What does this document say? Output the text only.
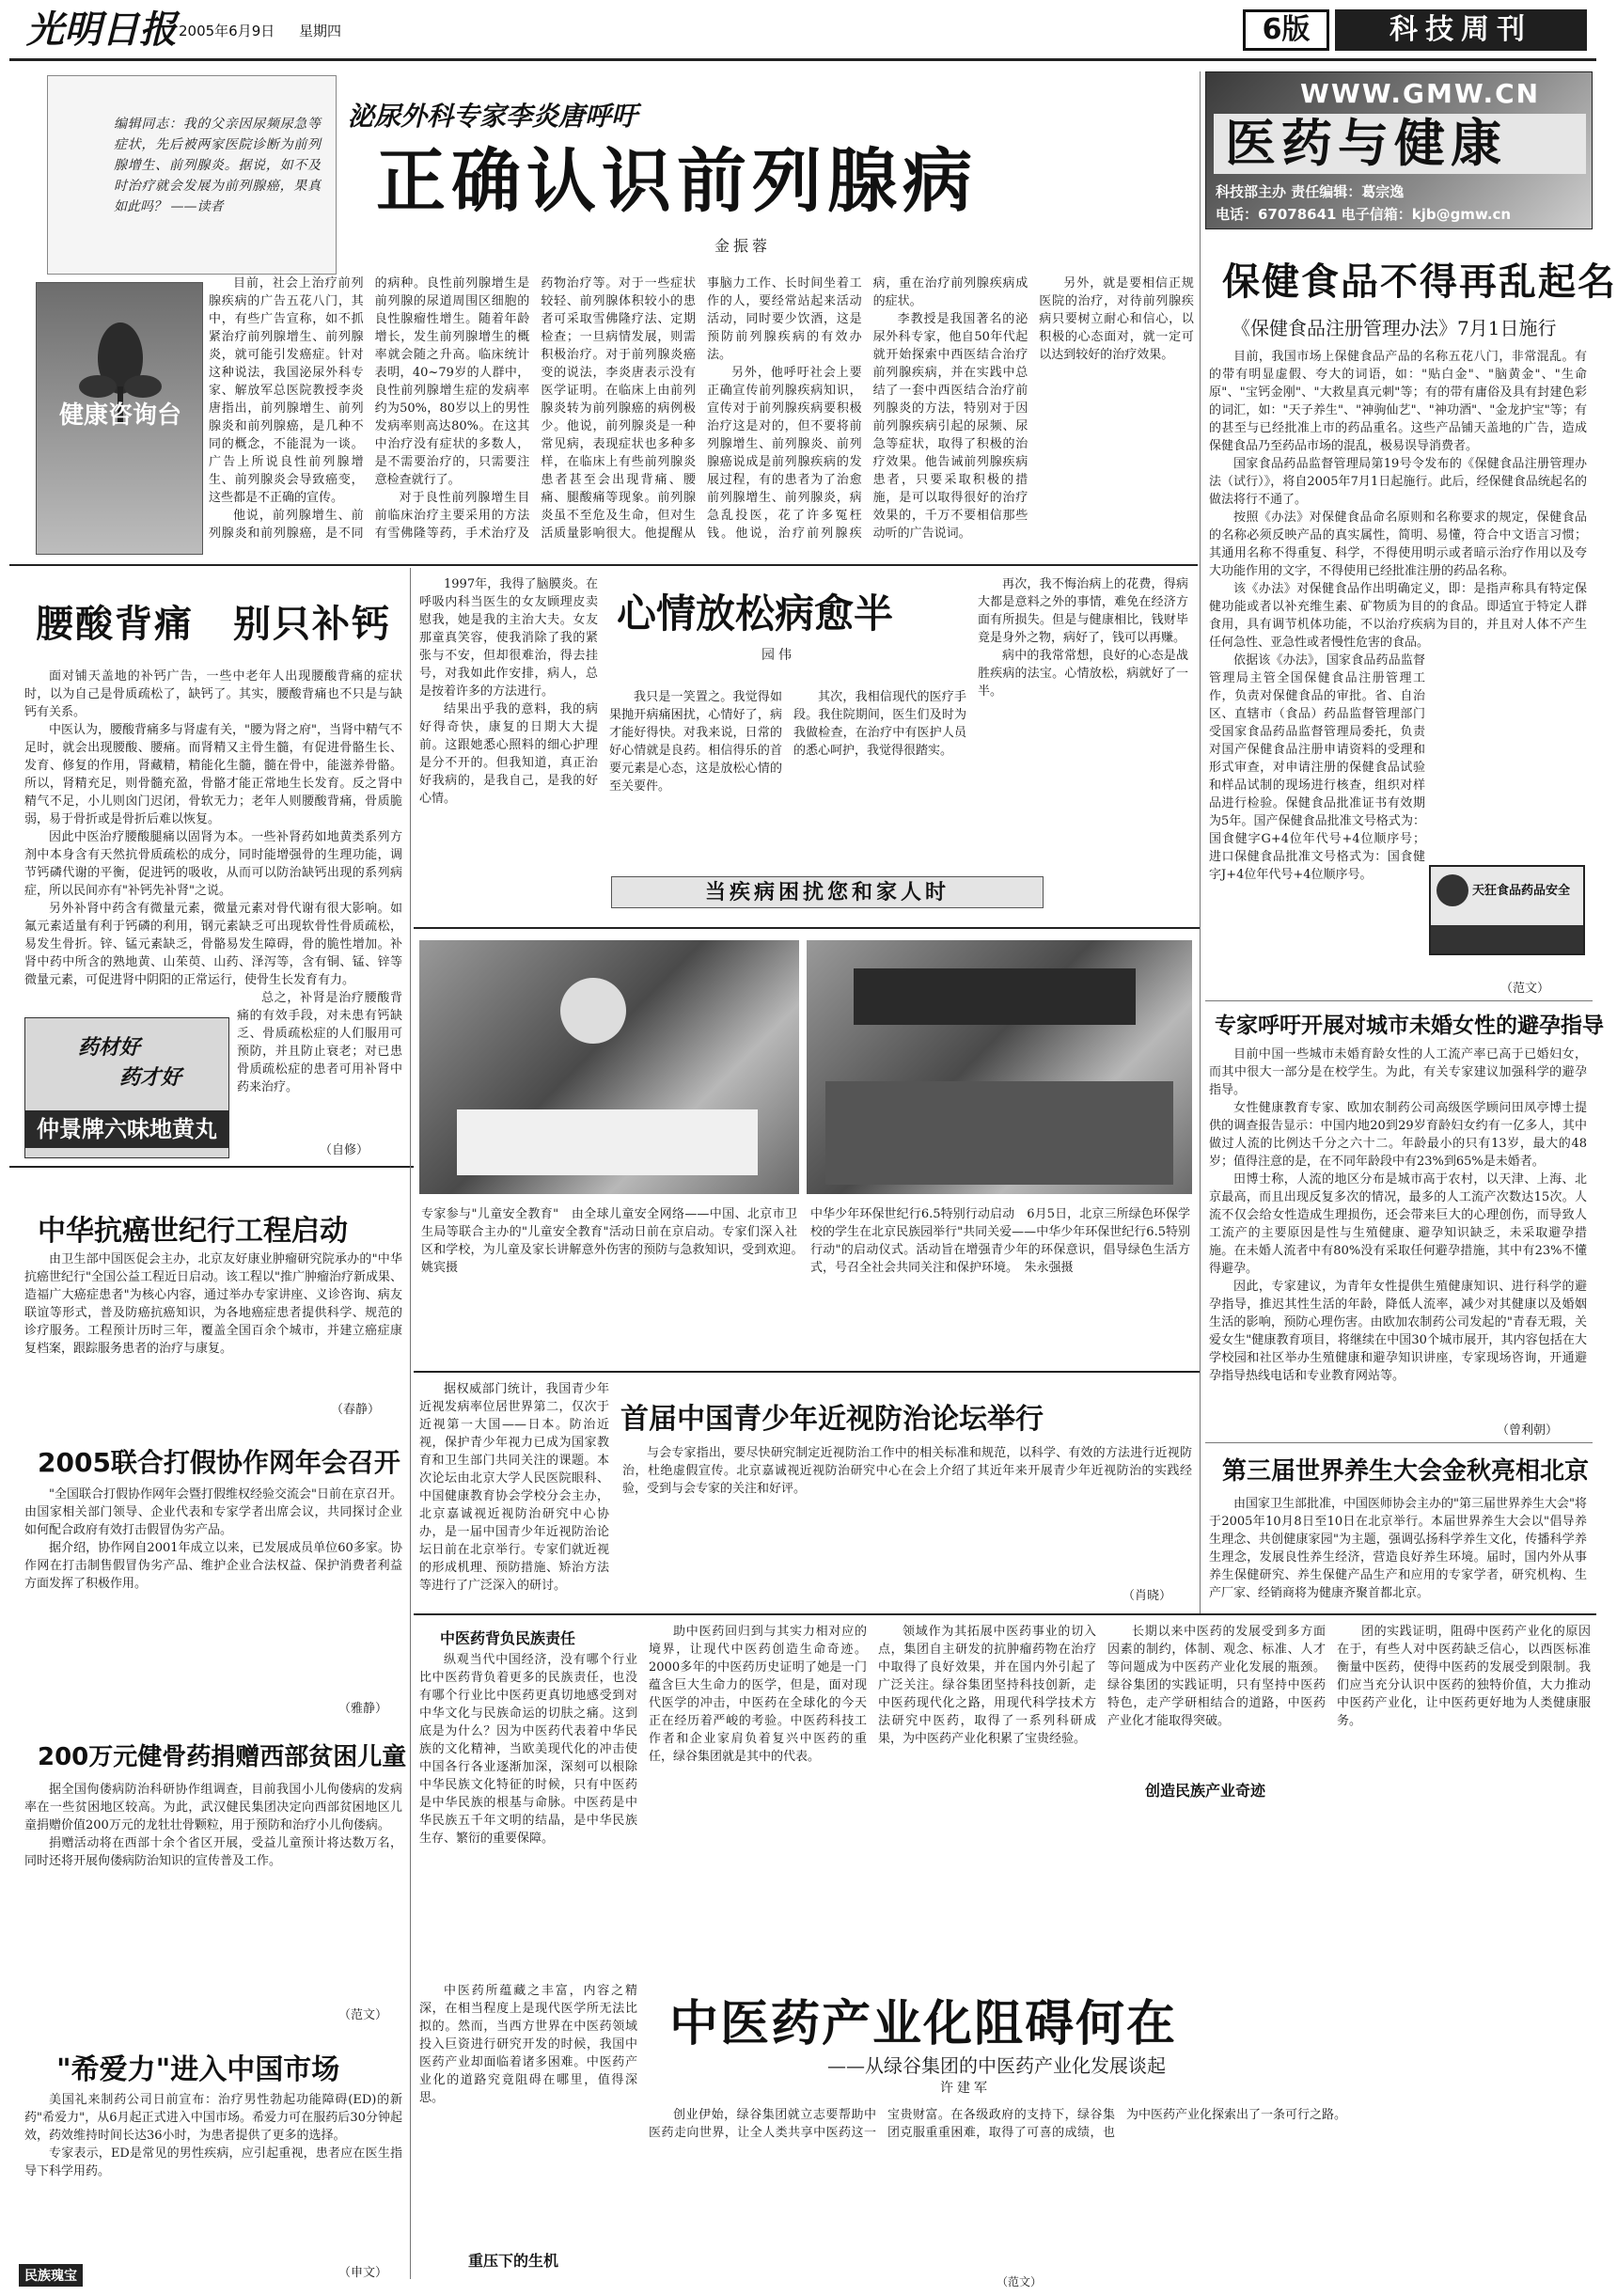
光明日报 2005年6月9日 星期四	6版	科技周刊

编辑同志：我的父亲因尿频尿急等症状，先后被两家医院诊断为前列腺增生、前列腺炎。据说，如不及时治疗就会发展为前列腺癌，果真如此吗？ ——读者

泌尿外科专家李炎唐呼吁
正确认识前列腺病
金振蓉
健康咨询台

目前，社会上治疗前列腺疾病的广告五花八门，其中，有些广告宣称，如不抓紧治疗前列腺增生、前列腺炎，就可能引发癌症。针对这种说法，我国泌尿外科专家、解放军总医院教授李炎唐指出，前列腺增生、前列腺炎和前列腺癌，是几种不同的概念，不能混为一谈。广告上所说良性前列腺增生、前列腺炎会导致癌变，这些都是不正确的宣传。

他说，前列腺增生、前列腺炎和前列腺癌，是不同的病种。良性前列腺增生是前列腺的尿道周围区细胞的良性腺瘤性增生。随着年龄增长，发生前列腺增生的概率就会随之升高。临床统计表明，40~79岁的人群中，良性前列腺增生症的发病率约为50%，80岁以上的男性发病率则高达80%。在这其中治疗没有症状的多数人，是不需要治疗的，只需要注意检查就行了。

对于良性前列腺增生目前临床治疗主要采用的方法有雪佛隆等药，手术治疗及药物治疗等。对于一些症状较轻、前列腺体积较小的患者可采取雪佛隆疗法、定期检查；一旦病情发展，则需积极治疗。对于前列腺炎癌变的说法，李炎唐表示没有医学证明。在临床上由前列腺炎转为前列腺癌的病例极少。他说，前列腺炎是一种常见病，表现症状也多种多样，在临床上有些前列腺炎患者甚至会出现背痛、腰痛、腿酸痛等现象。前列腺炎虽不至危及生命，但对生活质量影响很大。他提醒从事脑力工作、长时间坐着工作的人，要经常站起来活动活动，同时要少饮酒，这是预防前列腺疾病的有效办法。

另外，他呼吁社会上要正确宣传前列腺疾病知识，宣传对于前列腺疾病要积极治疗这是对的，但不要将前列腺增生、前列腺炎、前列腺癌说成是前列腺疾病的发展过程，有的患者为了治愈前列腺增生、前列腺炎，病急乱投医，花了许多冤枉钱。他说，治疗前列腺疾病，重在治疗前列腺疾病成的症状。

李教授是我国著名的泌尿外科专家，他自50年代起就开始探索中西医结合治疗前列腺疾病，并在实践中总结了一套中西医结合治疗前列腺炎的方法，特别对于因前列腺疾病引起的尿频、尿急等症状，取得了积极的治疗效果。他告诫前列腺疾病患者，只要采取积极的措施，是可以取得很好的治疗效果的，千万不要相信那些动听的广告说词。

另外，就是要相信正规医院的治疗，对待前列腺疾病只要树立耐心和信心，以积极的心态面对，就一定可以达到较好的治疗效果。

WWW.GMW.CN
医药与健康
科技部主办 责任编辑：葛宗逸
电话：67078641 电子信箱：kjb@gmw.cn
保健食品不得再乱起名
《保健食品注册管理办法》7月1日施行

目前，我国市场上保健食品产品的名称五花八门，非常混乱。有的带有明显虚假、夸大的词语，如："贴白金"、"脑黄金"、"生命原"、"宝钙金刚"、"大救星真元刺"等；有的带有庸俗及具有封建色彩的词汇，如："天子养生"、"神驹仙艺"、"神功酒"、"金龙护宝"等；有的甚至与已经批准上市的药品重名。这些产品铺天盖地的广告，造成保健食品乃至药品市场的混乱，极易误导消费者。

国家食品药品监督管理局第19号令发布的《保健食品注册管理办法（试行）》，将自2005年7月1日起施行。此后，经保健食品统起名的做法将行不通了。

按照《办法》对保健食品命名原则和名称要求的规定，保健食品的名称必须反映产品的真实属性，简明、易懂，符合中文语言习惯；其通用名称不得重复、科学，不得使用明示或者暗示治疗作用以及夸大功能作用的文字，不得使用已经批准注册的药品名称。

该《办法》对保健食品作出明确定义，即：是指声称具有特定保健功能或者以补充维生素、矿物质为目的的食品。即适宜于特定人群食用，具有调节机体功能，不以治疗疾病为目的，并且对人体不产生任何急性、亚急性或者慢性危害的食品。

依据该《办法》，国家食品药品监督管理局主管全国保健食品注册管理工作，负责对保健食品的审批。省、自治区、直辖市（食品）药品监督管理部门受国家食品药品监督管理局委托，负责对国产保健食品注册申请资料的受理和形式审查，对申请注册的保健食品试验和样品试制的现场进行核查，组织对样品进行检验。保健食品批准证书有效期为5年。国产保健食品批准文号格式为：国食健字G+4位年代号+4位顺序号；进口保健食品批准文号格式为：国食健字J+4位年代号+4位顺序号。

天狂食品药品安全
（范文）
专家呼吁开展对城市未婚女性的避孕指导

目前中国一些城市未婚育龄女性的人工流产率已高于已婚妇女，而其中很大一部分是在校学生。为此，有关专家建议加强科学的避孕指导。

女性健康教育专家、欧加农制药公司高级医学顾问田凤亭博士提供的调查报告显示：中国内地20到29岁育龄妇女约有一亿多人，其中做过人流的比例达千分之六十二。年龄最小的只有13岁，最大的48岁；值得注意的是，在不同年龄段中有23%到65%是未婚者。

田博士称，人流的地区分布是城市高于农村，以天津、上海、北京最高，而且出现反复多次的情况，最多的人工流产次数达15次。人流不仅会给女性造成生理损伤，还会带来巨大的心理创伤，而导致人工流产的主要原因是性与生殖健康、避孕知识缺乏，未采取避孕措施。在未婚人流者中有80%没有采取任何避孕措施，其中有23%不懂得避孕。

因此，专家建议，为青年女性提供生殖健康知识、进行科学的避孕指导，推迟其性生活的年龄，降低人流率，减少对其健康以及婚姻生活的影响，预防心理伤害。由欧加农制药公司发起的"青春无瑕，关爱女生"健康教育项目，将继续在中国30个城市展开，其内容包括在大学校园和社区举办生殖健康和避孕知识讲座，专家现场咨询，开通避孕指导热线电话和专业教育网站等。

（曾利朝）
第三届世界养生大会金秋亮相北京

由国家卫生部批准，中国医师协会主办的"第三届世界养生大会"将于2005年10月8日至10日在北京举行。本届世界养生大会以"倡导养生理念、共创健康家园"为主题，强调弘扬科学养生文化，传播科学养生理念，发展良性养生经济，营造良好养生环境。届时，国内外从事养生保健研究、养生保健产品生产和应用的专家学者，研究机构、生产厂家、经销商将为健康齐聚首都北京。

腰酸背痛　别只补钙

面对铺天盖地的补钙广告，一些中老年人出现腰酸背痛的症状时，以为自己是骨质疏松了，缺钙了。其实，腰酸背痛也不只是与缺钙有关系。

中医认为，腰酸背痛多与肾虚有关，"腰为肾之府"，当肾中精气不足时，就会出现腰酸、腰痛。而肾精又主骨生髓，有促进骨骼生长、发育、修复的作用，肾藏精，精能化生髓，髓在骨中，能滋养骨骼。所以，肾精充足，则骨髓充盈，骨骼才能正常地生长发育。反之肾中精气不足，小儿则囟门迟闭，骨软无力；老年人则腰酸背痛，骨质脆弱，易于骨折或是骨折后难以恢复。

因此中医治疗腰酸腿痛以固肾为本。一些补肾药如地黄类系列方剂中本身含有天然抗骨质疏松的成分，同时能增强骨的生理功能，调节钙磷代谢的平衡，促进钙的吸收，从而可以防治缺钙出现的系列病症，所以民间亦有"补钙先补肾"之说。

另外补肾中药含有微量元素，微量元素对骨代谢有很大影响。如氟元素适量有利于钙磷的利用，钢元素缺乏可出现软骨性骨质疏松，易发生骨折。锌、锰元素缺乏，骨骼易发生障碍，骨的脆性增加。补肾中药中所含的熟地黄、山茱萸、山药、泽泻等，含有铜、锰、锌等微量元素，可促进肾中阴阳的正常运行，使骨生长发育有力。

总之，补肾是治疗腰酸背痛的有效手段，对未患有钙缺乏、骨质疏松症的人们服用可预防，并且防止衰老；对已患骨质疏松症的患者可用补肾中药来治疗。

药材好
药才好
仲景牌六味地黄丸
（自修）
中华抗癌世纪行工程启动

由卫生部中国医促会主办，北京友好康业肿瘤研究院承办的"中华抗癌世纪行"全国公益工程近日启动。该工程以"推广肿瘤治疗新成果、造福广大癌症患者"为核心内容，通过举办专家讲座、义诊咨询、病友联谊等形式，普及防癌抗癌知识，为各地癌症患者提供科学、规范的诊疗服务。工程预计历时三年，覆盖全国百余个城市，并建立癌症康复档案，跟踪服务患者的治疗与康复。

（春静）
2005联合打假协作网年会召开

"全国联合打假协作网年会暨打假维权经验交流会"日前在京召开。由国家相关部门领导、企业代表和专家学者出席会议，共同探讨企业如何配合政府有效打击假冒伪劣产品。

据介绍，协作网自2001年成立以来，已发展成员单位60多家。协作网在打击制售假冒伪劣产品、维护企业合法权益、保护消费者利益方面发挥了积极作用。

（雅静）
200万元健骨药捐赠西部贫困儿童

据全国佝偻病防治科研协作组调查，目前我国小儿佝偻病的发病率在一些贫困地区较高。为此，武汉健民集团决定向西部贫困地区儿童捐赠价值200万元的龙牡壮骨颗粒，用于预防和治疗小儿佝偻病。

捐赠活动将在西部十余个省区开展，受益儿童预计将达数万名，同时还将开展佝偻病防治知识的宣传普及工作。

（范文）
"希爱力"进入中国市场

美国礼来制药公司日前宣布：治疗男性勃起功能障碍(ED)的新药"希爱力"，从6月起正式进入中国市场。希爱力可在服药后30分钟起效，药效维持时间长达36小时，为患者提供了更多的选择。

专家表示，ED是常见的男性疾病，应引起重视，患者应在医生指导下科学用药。

民族瑰宝	（申文）
心情放松病愈半
园伟

1997年，我得了脑膜炎。在呼吸内科当医生的女友顾理皮卖慰我，她是我的主治大夫。女友那童真笑容，使我消除了我的紧张与不安，但却很难治，得去挂号，对我如此作安排，病人，总是按着许多的方法进行。

结果出乎我的意料，我的病好得奇快，康复的日期大大提前。这跟她悉心照料的细心护理是分不开的。但我知道，真正治好我病的，是我自己，是我的好心情。

我只是一笑置之。我觉得如果抛开病痛困扰，心情好了，病才能好得快。对我来说，日常的好心情就是良药。相信得乐的首要元素是心态，这是放松心情的至关要件。

其次，我相信现代的医疗手段。我住院期间，医生们及时为我做检查，在治疗中有医护人员的悉心呵护，我觉得很踏实。

再次，我不悔治病上的花费，得病大都是意料之外的事情，难免在经济方面有所损失。但是与健康相比，钱财毕竟是身外之物，病好了，钱可以再赚。

病中的我常常想，良好的心态是战胜疾病的法宝。心情放松，病就好了一半。

当疾病困扰您和家人时
专家参与"儿童安全教育"　由全球儿童安全网络——中国、北京市卫生局等联合主办的"儿童安全教育"活动日前在京启动。专家们深入社区和学校，为儿童及家长讲解意外伤害的预防与急救知识，受到欢迎。　姚宾摄
中华少年环保世纪行6.5特别行动启动　6月5日，北京三所绿色环保学校的学生在北京民族园举行"共同关爱——中华少年环保世纪行6.5特别行动"的启动仪式。活动旨在增强青少年的环保意识，倡导绿色生活方式，号召全社会共同关注和保护环境。　朱永强摄
首届中国青少年近视防治论坛举行

据权威部门统计，我国青少年近视发病率位居世界第二，仅次于近视第一大国——日本。防治近视，保护青少年视力已成为国家教育和卫生部门共同关注的课题。本次论坛由北京大学人民医院眼科、中国健康教育协会学校分会主办，北京嘉诚视近视防治研究中心协办，是一届中国青少年近视防治论坛日前在北京举行。专家们就近视的形成机理、预防措施、矫治方法等进行了广泛深入的研讨。

与会专家指出，要尽快研究制定近视防治工作中的相关标准和规范，以科学、有效的方法进行近视防治，杜绝虚假宣传。北京嘉诚视近视防治研究中心在会上介绍了其近年来开展青少年近视防治的实践经验，受到与会专家的关注和好评。

（肖晓）
中医药背负民族责任

纵观当代中国经济，没有哪个行业比中医药背负着更多的民族责任，也没有哪个行业比中医药更真切地感受到对中华文化与民族命运的切肤之痛。这到底是为什么？因为中医药代表着中华民族的文化精神，当欧美现代化的冲击使中国各行各业逐渐加深，深刻可以根除中华民族文化特征的时候，只有中医药是中华民族的根基与命脉。中医药是中华民族五千年文明的结晶，是中华民族生存、繁衍的重要保障。

助中医药回归到与其实力相对应的境界，让现代中医药创造生命奇迹。2000多年的中医药历史证明了她是一门蕴含巨大生命力的医学，但是，面对现代医学的冲击，中医药在全球化的今天正在经历着严峻的考验。中医药科技工作者和企业家肩负着复兴中医药的重任，绿谷集团就是其中的代表。

领域作为其拓展中医药事业的切入点，集团自主研发的抗肿瘤药物在治疗中取得了良好效果，并在国内外引起了广泛关注。绿谷集团坚持科技创新，走中医药现代化之路，用现代科学技术方法研究中医药，取得了一系列科研成果，为中医药产业化积累了宝贵经验。

长期以来中医药的发展受到多方面因素的制约，体制、观念、标准、人才等问题成为中医药产业化发展的瓶颈。绿谷集团的实践证明，只有坚持中医药特色，走产学研相结合的道路，中医药产业化才能取得突破。

创造民族产业奇迹

团的实践证明，阻碍中医药产业化的原因在于，有些人对中医药缺乏信心，以西医标准衡量中医药，使得中医药的发展受到限制。我们应当充分认识中医药的独特价值，大力推动中医药产业化，让中医药更好地为人类健康服务。

中医药产业化阻碍何在
——从绿谷集团的中医药产业化发展谈起
许建军

中医药所蕴藏之丰富，内容之精深，在相当程度上是现代医学所无法比拟的。然而，当西方世界在中医药领域投入巨资进行研究开发的时候，我国中医药产业却面临着诸多困难。中医药产业化的道路究竟阻碍在哪里，值得深思。

重压下的生机

创业伊始，绿谷集团就立志要帮助中医药走向世界，让全人类共享中医药这一宝贵财富。在各级政府的支持下，绿谷集团克服重重困难，取得了可喜的成绩，也为中医药产业化探索出了一条可行之路。

（范文）
